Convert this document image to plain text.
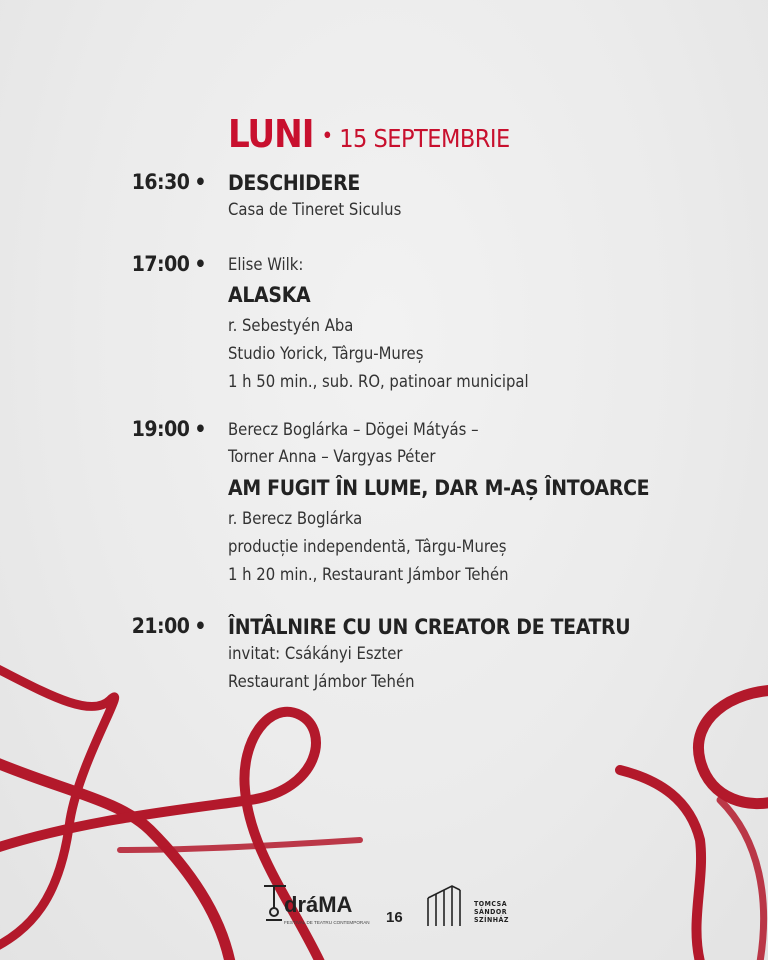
LUNI • 15 SEPTEMBRIE
16:30 • DESCHIDERE
Casa de Tineret Siculus
17:00 • Elise Wilk:
ALASKA
r. Sebestyén Aba
Studio Yorick, Târgu-Mureș
1 h 50 min., sub. RO, patinoar municipal
19:00 • Berecz Boglárka – Dögei Mátyás –
Torner Anna – Vargyas Péter
AM FUGIT ÎN LUME, DAR M-AȘ ÎNTOARCE
r. Berecz Boglárka
producție independentă, Târgu-Mureș
1 h 20 min., Restaurant Jámbor Tehén
21:00 • ÎNTÂLNIRE CU UN CREATOR DE TEATRU
invitat: Csákányi Eszter
Restaurant Jámbor Tehén
dráMA
16
FESTIVAL DE TEATRU CONTEMPORAN
TOMCSA
SÁNDOR
SZÍNHÁZ
